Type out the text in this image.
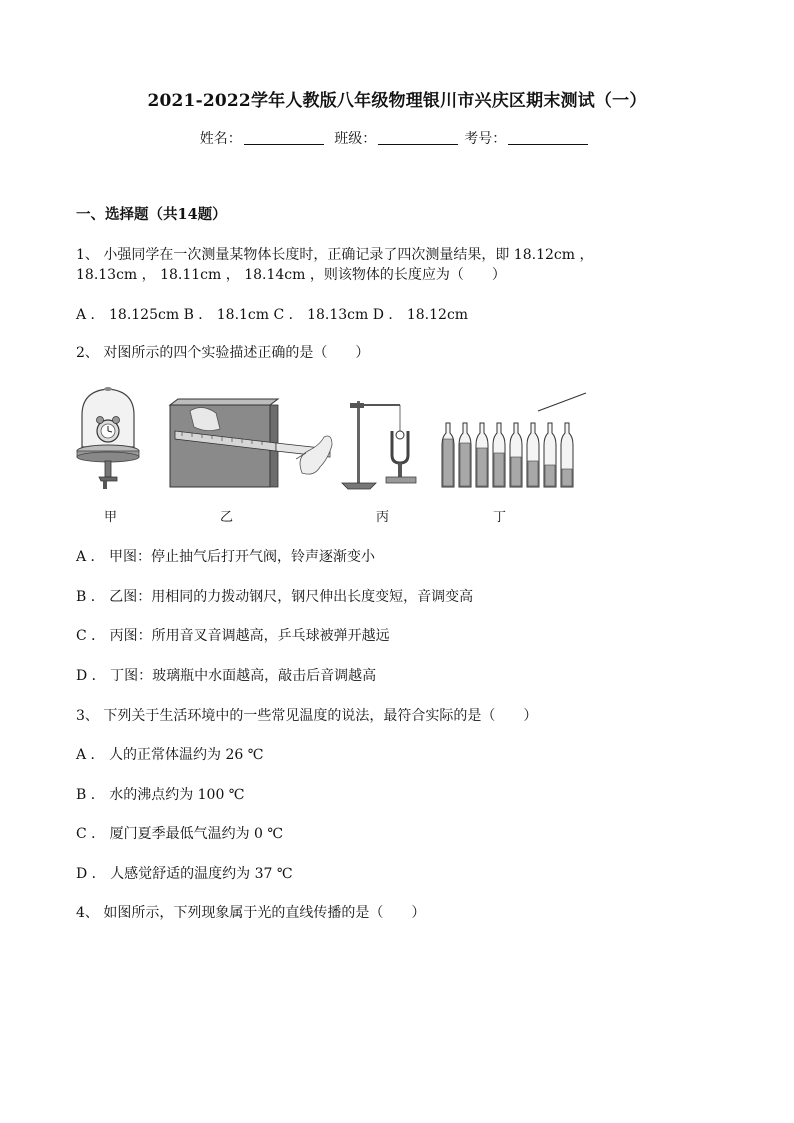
2021-2022学年人教版八年级物理银川市兴庆区期末测试（一）
姓名：	班级：	考号：
一、选择题（共14题）
1、 小强同学在一次测量某物体长度时，正确记录了四次测量结果，即 18.12cm ，
18.13cm ， 18.11cm ， 18.14cm ，则该物体的长度应为（　　）
A ． 18.125cm B ． 18.1cm C ． 18.13cm D ． 18.12cm
2、 对图所示的四个实验描述正确的是（　　）
甲	乙	丙	丁
A ． 甲图：停止抽气后打开气阀，铃声逐渐变小
B ． 乙图：用相同的力拨动钢尺，钢尺伸出长度变短，音调变高
C ． 丙图：所用音叉音调越高，乒乓球被弹开越远
D ． 丁图：玻璃瓶中水面越高，敲击后音调越高
3、 下列关于生活环境中的一些常见温度的说法，最符合实际的是（　　）
A ． 人的正常体温约为 26 ℃
B ． 水的沸点约为 100 ℃
C ． 厦门夏季最低气温约为 0 ℃
D ． 人感觉舒适的温度约为 37 ℃
4、 如图所示，下列现象属于光的直线传播的是（　　）
